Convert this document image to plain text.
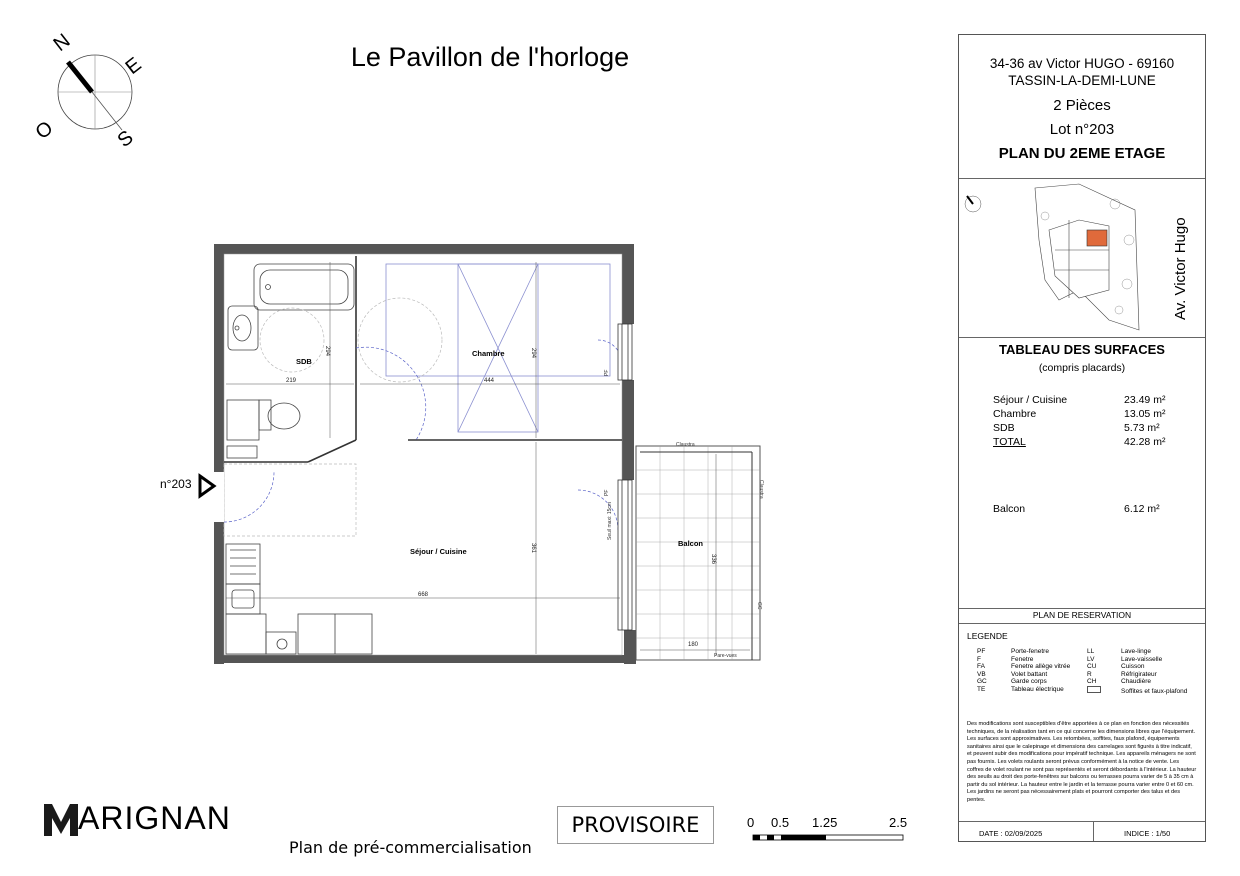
Le Pavillon de l'horloge
N
E
S
O
SDB
Chambre
Séjour / Cuisine
Balcon
219
294
444
294
668
361
180
336
Claustra
Claustra
Pare-vues
GC
Seuil maxi: 15cm
PF
PF
n°203
34-36 av Victor HUGO - 69160
TASSIN-LA-DEMI-LUNE
2 Pièces
Lot n°203
PLAN DU 2EME ETAGE
Av. Victor Hugo
TABLEAU DES SURFACES
(compris placards)
Séjour / Cuisine	23.49 m²
Chambre	13.05 m²
SDB	5.73 m²
TOTAL	42.28 m²
Balcon	6.12 m²
PLAN DE RESERVATION
LEGENDE
PF	Porte-fenetre
F	Fenetre
FA	Fenetre allège vitrée
VB	Volet battant
GC	Garde corps
TE	Tableau électrique
LL	Lave-linge
LV	Lave-vaisselle
CU	Cuisson
R	Réfrigirateur
CH	Chaudière
Soffites et faux-plafond
Des modifications sont susceptibles d'être apportées à ce plan en fonction des nécessités techniques, de la réalisation tant en ce qui concerne les dimensions libres que l'équipement. Les surfaces sont approximatives. Les retombées, soffites, faux plafond, équipements sanitaires ainsi que le calepinage et dimensions des carrelages sont figurés à titre indicatif, et peuvent subir des modifications pour impératif technique. Les appareils ménagers ne sont pas fournis. Les volets roulants seront prévus conformément à la notice de vente. Les coffres de volet roulant ne sont pas représentés et seront débordants à l'intérieur. La hauteur des seuils au droit des porte-fenêtres sur balcons ou terrasses pourra varier de 5 à 35 cm à partir du sol intérieur. La hauteur entre le jardin et la terrasse pourra varier entre 0 et 60 cm. Les jardins ne seront pas nécessairement plats et pourront comporter des talus et des pentes.
DATE : 02/09/2025	INDICE : 1/50
ARIGNAN
Plan de pré-commercialisation
PROVISOIRE	0 0.5 1.25	2.5
